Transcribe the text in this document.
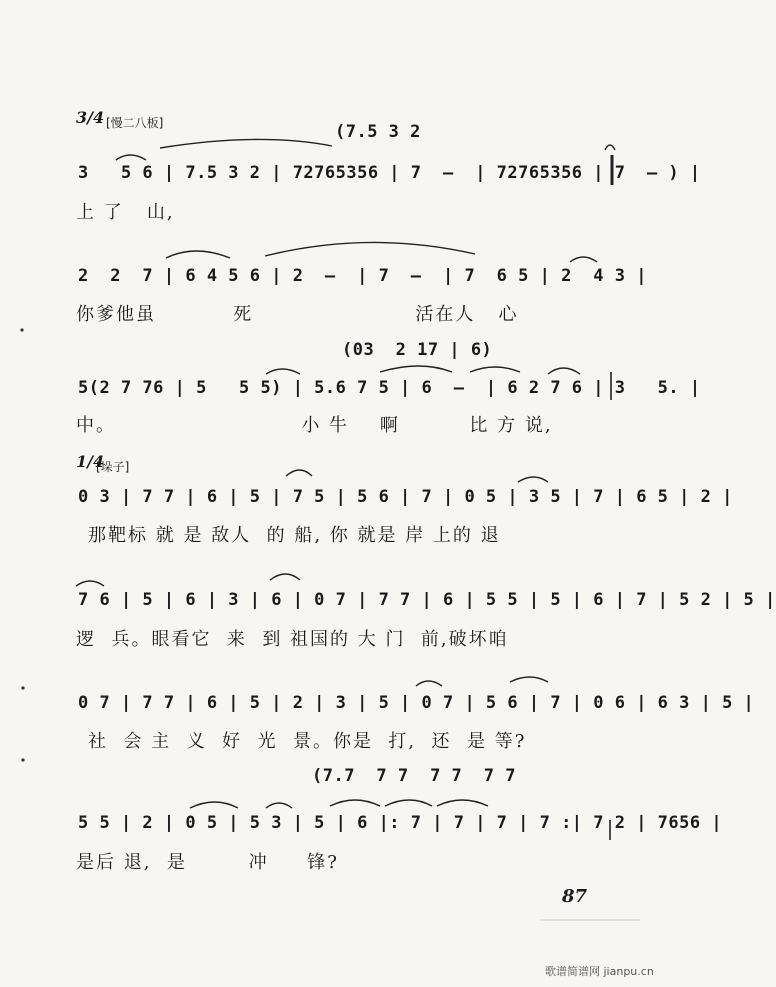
3/4 [慢二八板]
1/4
[垛子]
(7.5 3 2
3   5 6 | 7.5 3 2 | 72765356 | 7  —  | 72765356 | 7  — ) |
上 了   山,
2  2  7 | 6 4 5 6 | 2  —  | 7  —  | 7  6 5 | 2  4 3 |
你爹他虽          死                     活在人   心
(03  2 17 | 6)
5(2 7 76 | 5   5 5) | 5.6 7 5 | 6  —  | 6 2 7 6 | 3   5. |
中。                        小 牛    啊         比 方 说,
0 3 | 7 7 | 6 | 5 | 7 5 | 5 6 | 7 | 0 5 | 3 5 | 7 | 6 5 | 2 |
那靶标 就 是 敌人  的 船, 你 就是 岸 上的 退
7 6 | 5 | 6 | 3 | 6 | 0 7 | 7 7 | 6 | 5 5 | 5 | 6 | 7 | 5 2 | 5 |
逻  兵。眼看它  来  到 祖国的 大 门  前,破坏咱
0 7 | 7 7 | 6 | 5 | 2 | 3 | 5 | 0 7 | 5 6 | 7 | 0 6 | 6 3 | 5 |
社  会 主  义  好  光  景。你是  打,  还  是 等?
(7.7  7 7  7 7  7 7
5 5 | 2 | 0 5 | 5 3 | 5 | 6 |: 7 | 7 | 7 | 7 :| 7 2 | 7656 |
是后 退,  是        冲     锋?
87
歌谱简谱网 jianpu.cn
